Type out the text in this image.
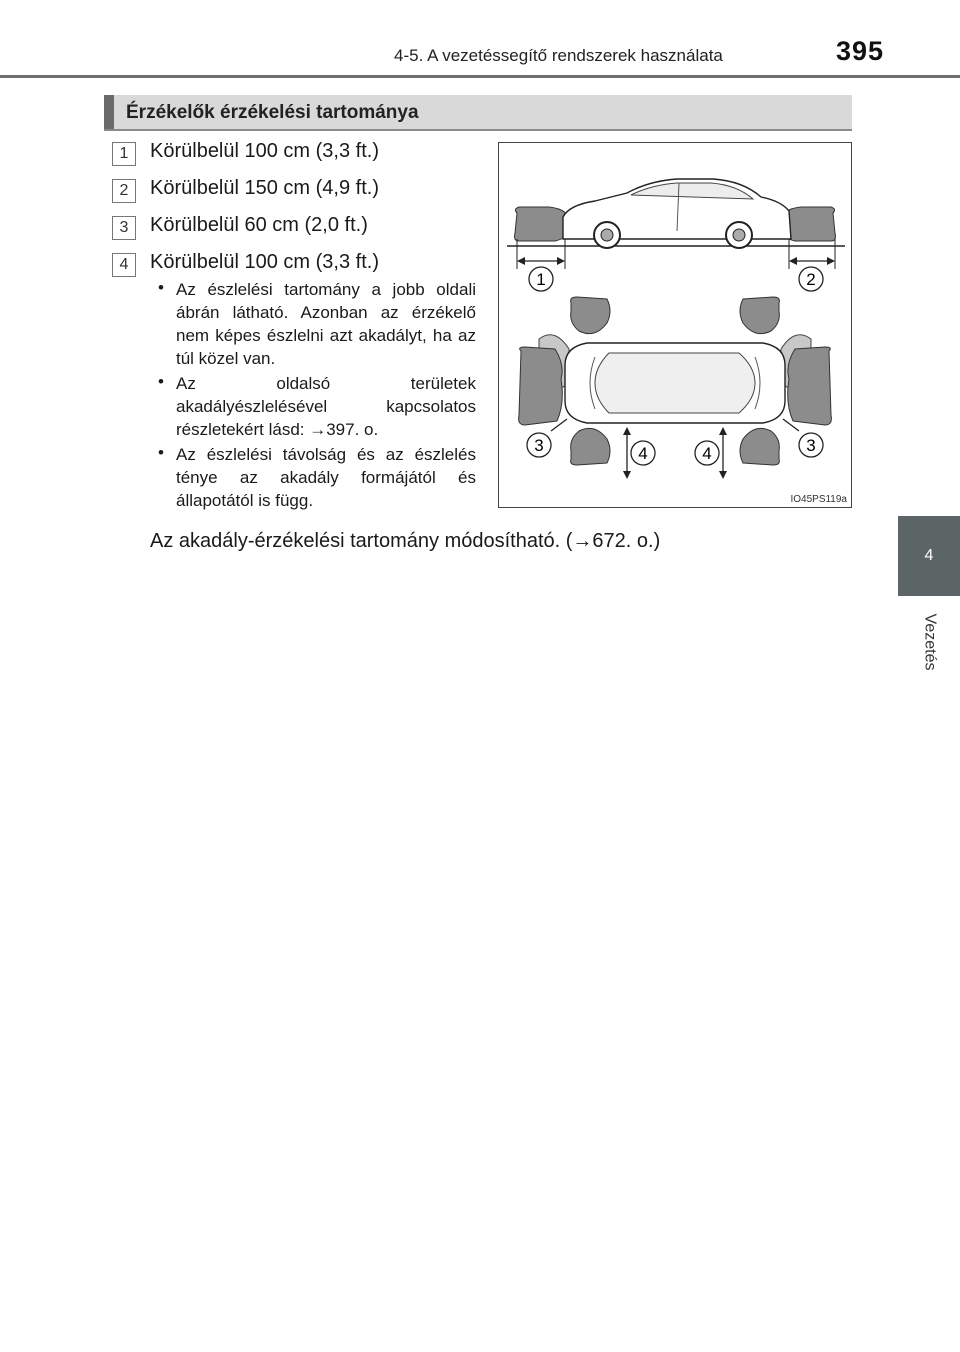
4-5. A vezetéssegítő rendszerek használata	395
4
Vezetés
Érzékelők érzékelési tartománya
1	Körülbelül 100 cm (3,3 ft.)
2	Körülbelül 150 cm (4,9 ft.)
3	Körülbelül 60 cm (2,0 ft.)
4	Körülbelül 100 cm (3,3 ft.)
• Az észlelési tartomány a jobb oldali ábrán látható. Azonban az érzékelő nem képes észlelni azt akadályt, ha az túl közel van.
• Az oldalsó területek akadályészlelésével kapcsolatos részletekért lásd: →397. o.
• Az észlelési távolság és az észlelés ténye az akadály formájától és állapotától is függ.
Az akadály-érzékelési tartomány módosítható. (→672. o.)
1	2
3	4	4	3
IO45PS119a
